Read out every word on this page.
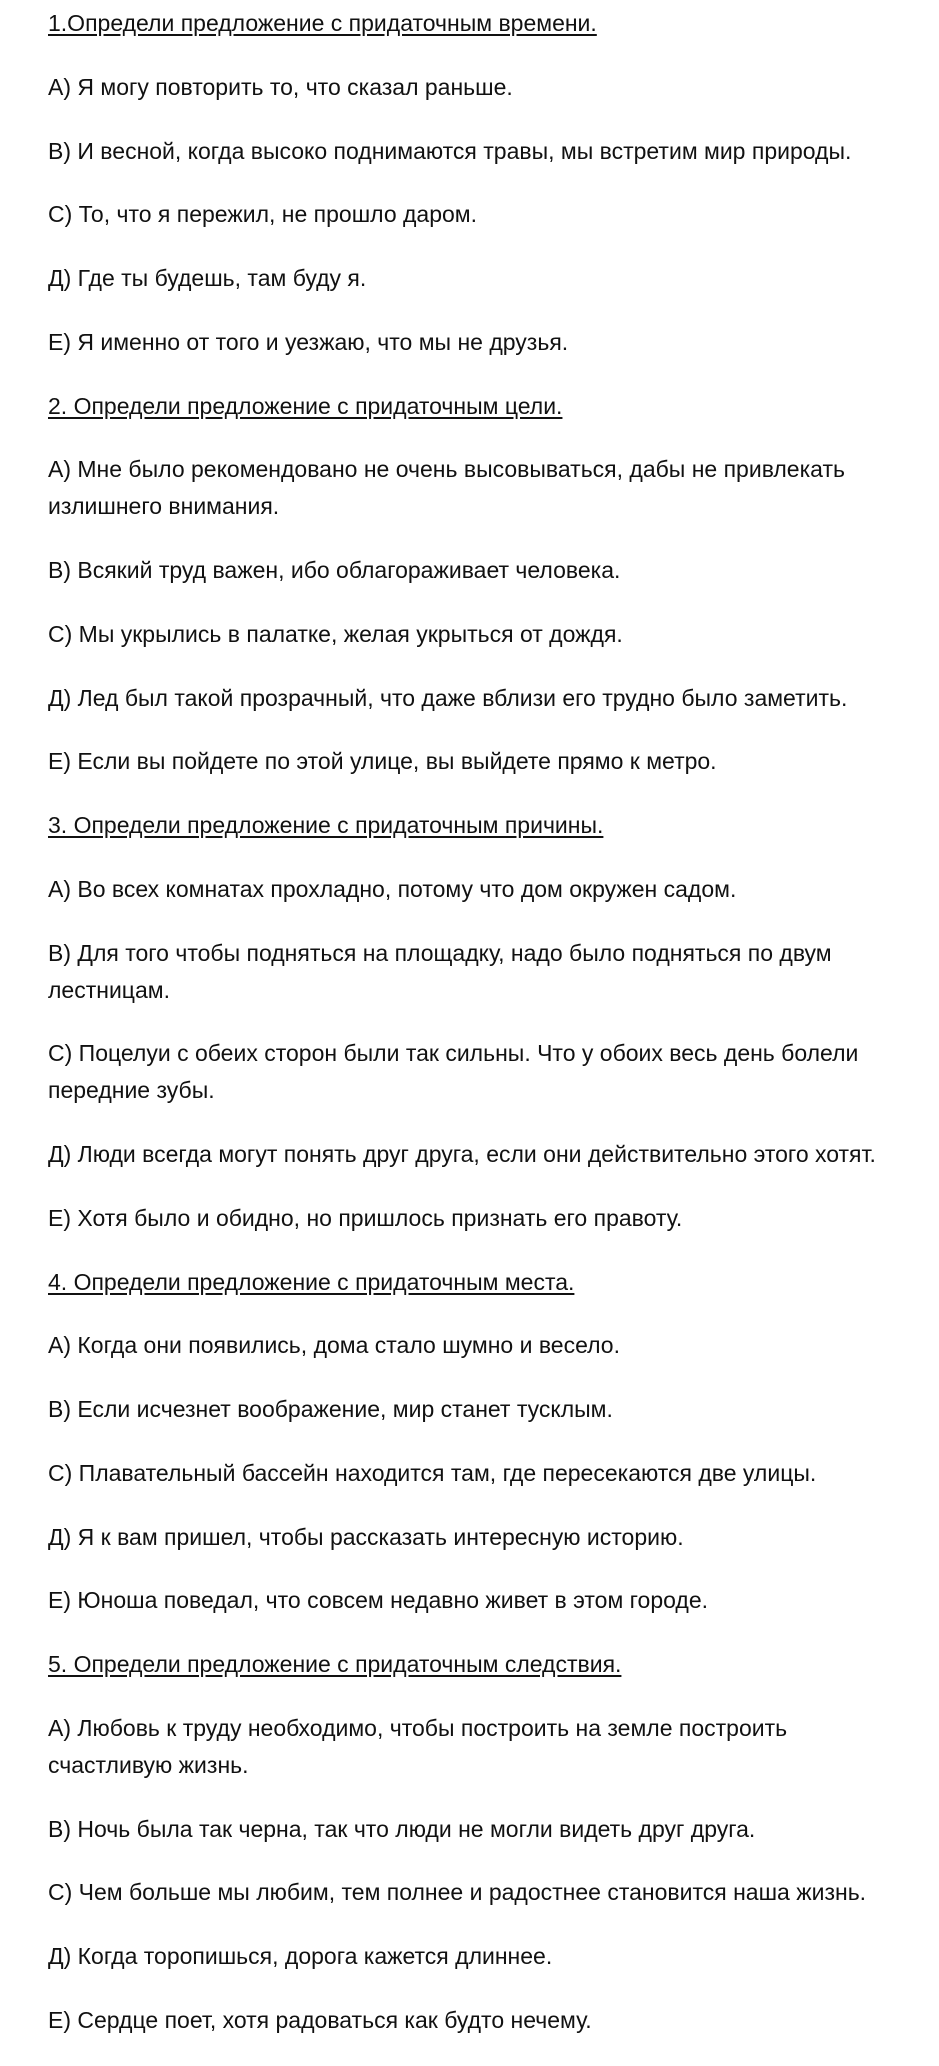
1.Определи предложение с придаточным времени.
А) Я могу повторить то, что сказал раньше.
В) И весной, когда высоко поднимаются травы, мы встретим мир природы.
С) То, что я пережил, не прошло даром.
Д) Где ты будешь, там буду я.
Е) Я именно от того и уезжаю, что мы не друзья.
2. Определи предложение с придаточным цели.
А) Мне было рекомендовано не очень высовываться, дабы не привлекать
излишнего внимания.
В) Всякий труд важен, ибо облагораживает человека.
С) Мы укрылись в палатке, желая укрыться от дождя.
Д) Лед был такой прозрачный, что даже вблизи его трудно было заметить.
Е) Если вы пойдете по этой улице, вы выйдете прямо к метро.
3. Определи предложение с придаточным причины.
А) Во всех комнатах прохладно, потому что дом окружен садом.
В) Для того чтобы подняться на площадку, надо было подняться по двум
лестницам.
С) Поцелуи с обеих сторон были так сильны. Что у обоих весь день болели
передние зубы.
Д) Люди всегда могут понять друг друга, если они действительно этого хотят.
Е) Хотя было и обидно, но пришлось признать его правоту.
4. Определи предложение с придаточным места.
А) Когда они появились, дома стало шумно и весело.
В) Если исчезнет воображение, мир станет тусклым.
С) Плавательный бассейн находится там, где пересекаются две улицы.
Д) Я к вам пришел, чтобы рассказать интересную историю.
Е) Юноша поведал, что совсем недавно живет в этом городе.
5. Определи предложение с придаточным следствия.
А) Любовь к труду необходимо, чтобы построить на земле построить
счастливую жизнь.
В) Ночь была так черна, так что люди не могли видеть друг друга.
С) Чем больше мы любим, тем полнее и радостнее становится наша жизнь.
Д) Когда торопишься, дорога кажется длиннее.
Е) Сердце поет, хотя радоваться как будто нечему.
